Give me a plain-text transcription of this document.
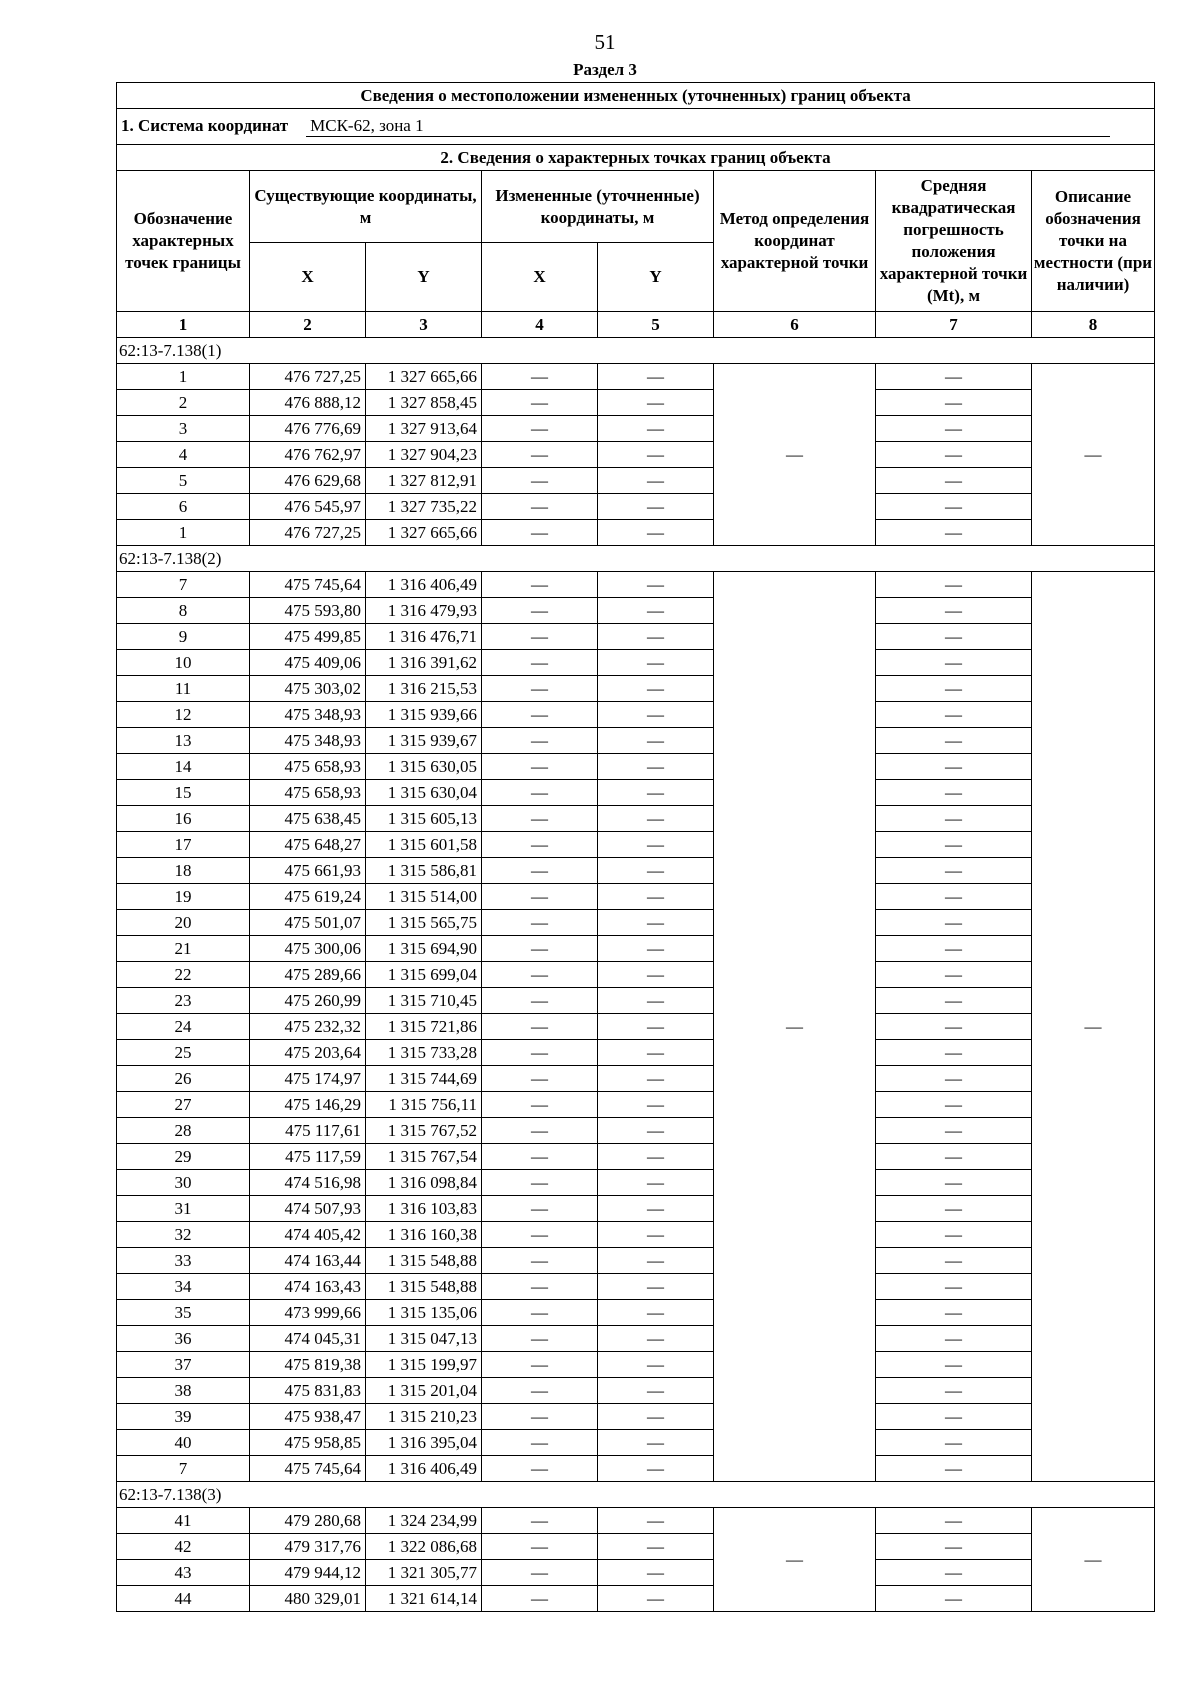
51
Раздел 3
Сведения о местоположении измененных (уточненных) границ объекта							
1. Система координат МСК-62, зона 1							
2. Сведения о характерных точках границ объекта							
Обозначение характерных точек границы	Существующие координаты, м		Измененные (уточненные) координаты, м		Метод определения координат характерной точки	Средняя квадратическая погрешность положения характерной точки (Mt), м	Описание обозначения точки на местности (при наличии)
	X	Y	X	Y			
1	2	3	4	5	6	7	8
62:13-7.138(1)							
1	476 727,25	1 327 665,66	—	—	—	—	—
2	476 888,12	1 327 858,45	—	—		—	
3	476 776,69	1 327 913,64	—	—		—	
4	476 762,97	1 327 904,23	—	—		—	
5	476 629,68	1 327 812,91	—	—		—	
6	476 545,97	1 327 735,22	—	—		—	
1	476 727,25	1 327 665,66	—	—		—	
62:13-7.138(2)							
7	475 745,64	1 316 406,49	—	—	—	—	—
8	475 593,80	1 316 479,93	—	—		—	
9	475 499,85	1 316 476,71	—	—		—	
10	475 409,06	1 316 391,62	—	—		—	
11	475 303,02	1 316 215,53	—	—		—	
12	475 348,93	1 315 939,66	—	—		—	
13	475 348,93	1 315 939,67	—	—		—	
14	475 658,93	1 315 630,05	—	—		—	
15	475 658,93	1 315 630,04	—	—		—	
16	475 638,45	1 315 605,13	—	—		—	
17	475 648,27	1 315 601,58	—	—		—	
18	475 661,93	1 315 586,81	—	—		—	
19	475 619,24	1 315 514,00	—	—		—	
20	475 501,07	1 315 565,75	—	—		—	
21	475 300,06	1 315 694,90	—	—		—	
22	475 289,66	1 315 699,04	—	—		—	
23	475 260,99	1 315 710,45	—	—		—	
24	475 232,32	1 315 721,86	—	—		—	
25	475 203,64	1 315 733,28	—	—		—	
26	475 174,97	1 315 744,69	—	—		—	
27	475 146,29	1 315 756,11	—	—		—	
28	475 117,61	1 315 767,52	—	—		—	
29	475 117,59	1 315 767,54	—	—		—	
30	474 516,98	1 316 098,84	—	—		—	
31	474 507,93	1 316 103,83	—	—		—	
32	474 405,42	1 316 160,38	—	—		—	
33	474 163,44	1 315 548,88	—	—		—	
34	474 163,43	1 315 548,88	—	—		—	
35	473 999,66	1 315 135,06	—	—		—	
36	474 045,31	1 315 047,13	—	—		—	
37	475 819,38	1 315 199,97	—	—		—	
38	475 831,83	1 315 201,04	—	—		—	
39	475 938,47	1 315 210,23	—	—		—	
40	475 958,85	1 316 395,04	—	—		—	
7	475 745,64	1 316 406,49	—	—		—	
62:13-7.138(3)							
41	479 280,68	1 324 234,99	—	—	—	—	—
42	479 317,76	1 322 086,68	—	—		—	
43	479 944,12	1 321 305,77	—	—		—	
44	480 329,01	1 321 614,14	—	—		—	
